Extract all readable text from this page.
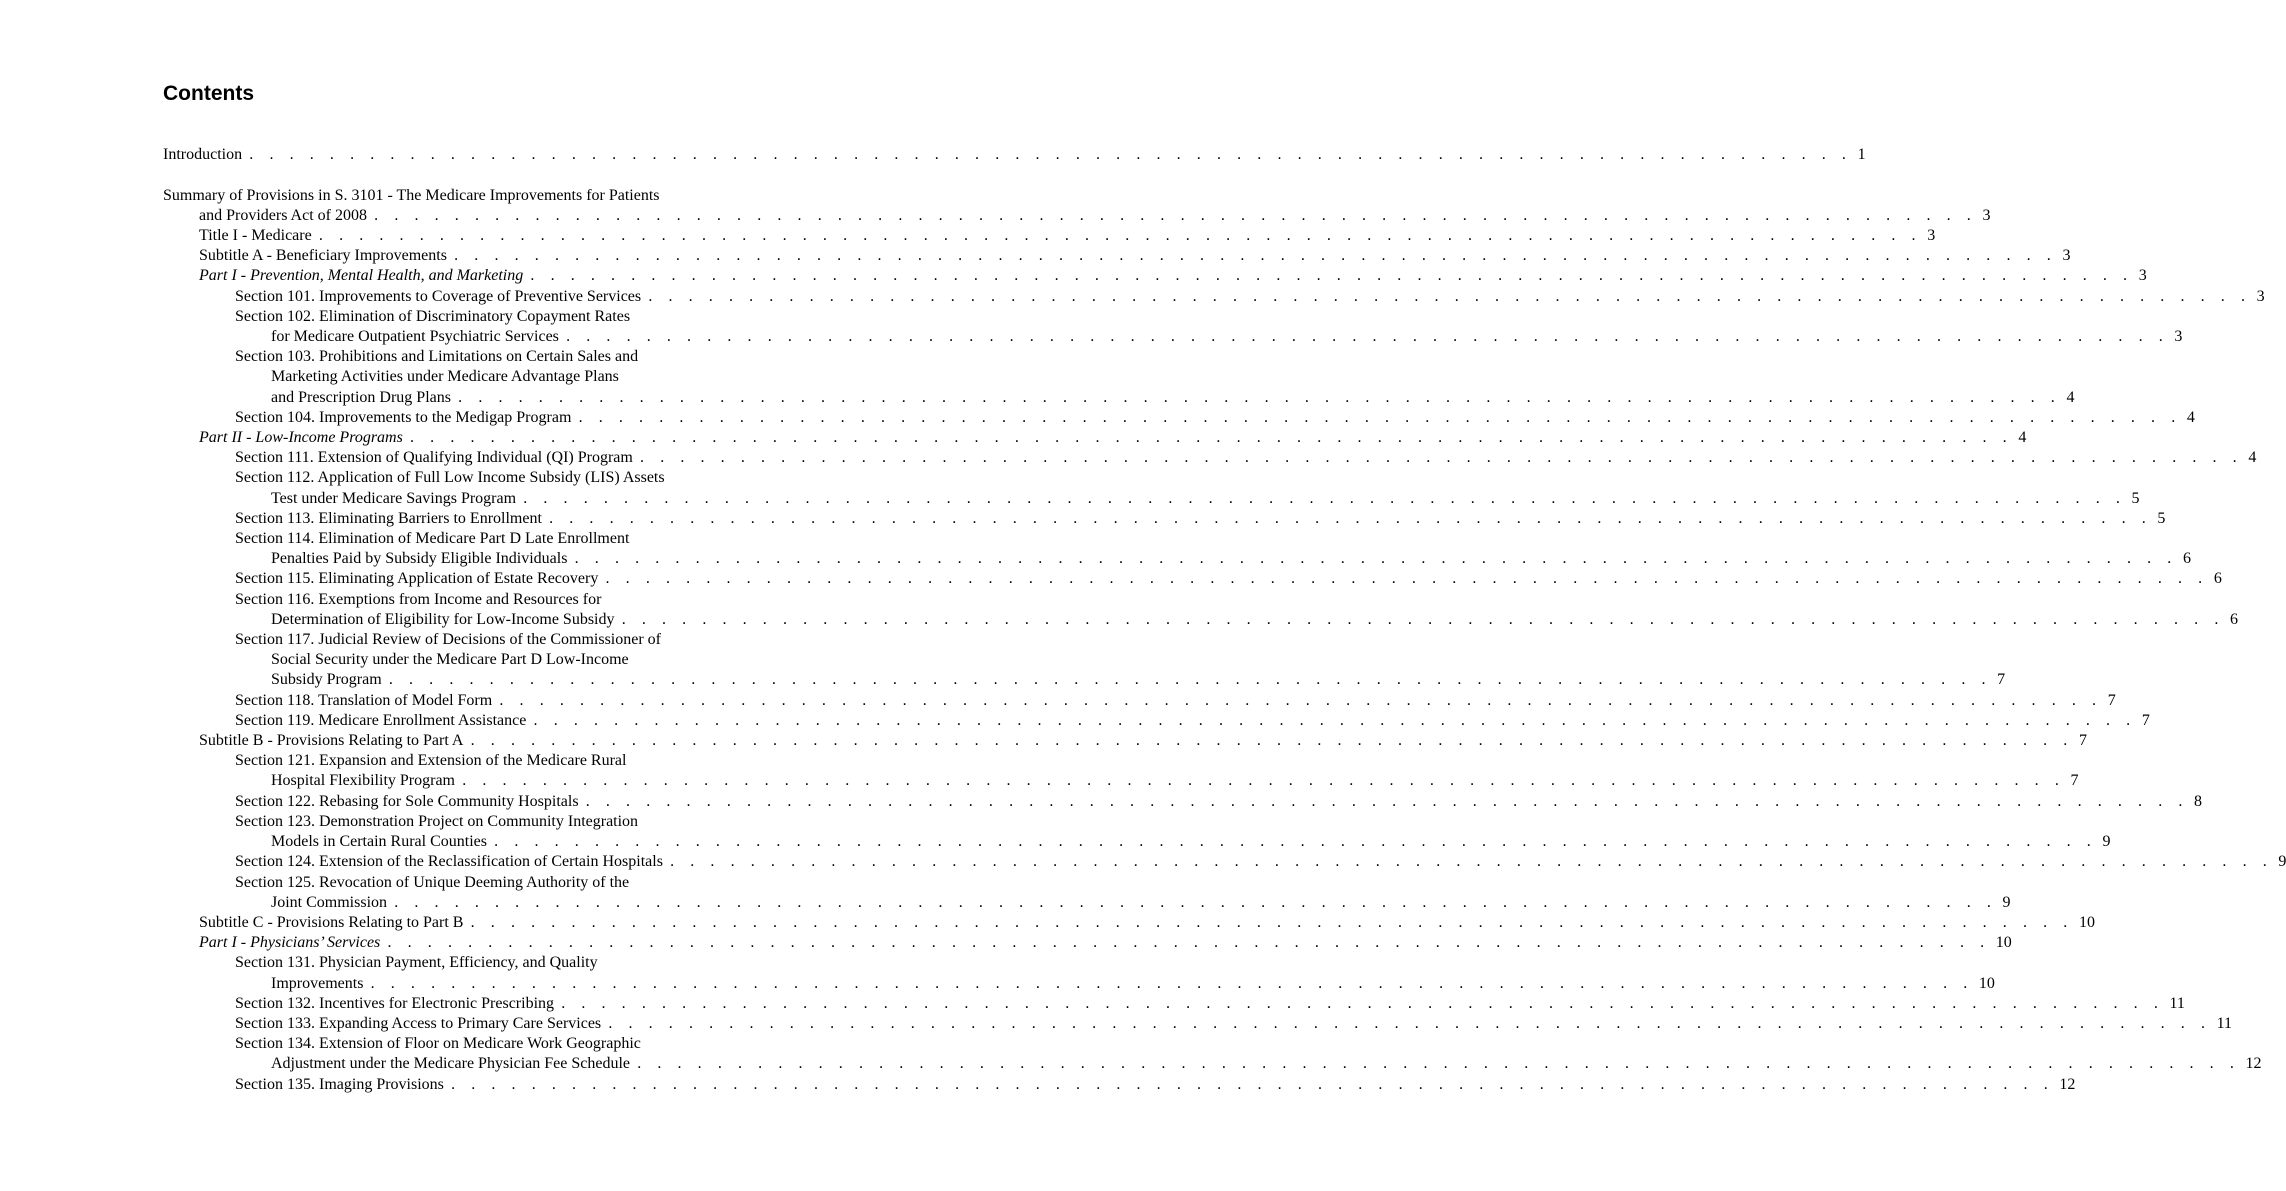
Contents
Introduction . . . . . . . . . . . . . . . . . . . . . . . . . . . . . . . . . . . . . . . . . . . . . . . . . . . . . . . . . . . . . . . . . . . . . . . . . . . . . . . . 1
Summary of Provisions in S. 3101 - The Medicare Improvements for Patients
and Providers Act of 2008 . . . . . . . . . . . . . . . . . . . . . . . . . . . . . . . . . . . . . . . . . . . . . . . . . . . . . . . . . . . . . . . . . . . . . . . . . . . . . . . . 3
Title I - Medicare . . . . . . . . . . . . . . . . . . . . . . . . . . . . . . . . . . . . . . . . . . . . . . . . . . . . . . . . . . . . . . . . . . . . . . . . . . . . . . . . 3
Subtitle A - Beneficiary Improvements . . . . . . . . . . . . . . . . . . . . . . . . . . . . . . . . . . . . . . . . . . . . . . . . . . . . . . . . . . . . . . . . . . . . . . . . . . . . . . . . 3
Part I - Prevention, Mental Health, and Marketing . . . . . . . . . . . . . . . . . . . . . . . . . . . . . . . . . . . . . . . . . . . . . . . . . . . . . . . . . . . . . . . . . . . . . . . . . . . . . . . . 3
Section 101. Improvements to Coverage of Preventive Services . . . . . . . . . . . . . . . . . . . . . . . . . . . . . . . . . . . . . . . . . . . . . . . . . . . . . . . . . . . . . . . . . . . . . . . . . . . . . . . . 3
Section 102. Elimination of Discriminatory Copayment Rates
for Medicare Outpatient Psychiatric Services . . . . . . . . . . . . . . . . . . . . . . . . . . . . . . . . . . . . . . . . . . . . . . . . . . . . . . . . . . . . . . . . . . . . . . . . . . . . . . . . 3
Section 103. Prohibitions and Limitations on Certain Sales and
Marketing Activities under Medicare Advantage Plans
and Prescription Drug Plans . . . . . . . . . . . . . . . . . . . . . . . . . . . . . . . . . . . . . . . . . . . . . . . . . . . . . . . . . . . . . . . . . . . . . . . . . . . . . . . . 4
Section 104. Improvements to the Medigap Program . . . . . . . . . . . . . . . . . . . . . . . . . . . . . . . . . . . . . . . . . . . . . . . . . . . . . . . . . . . . . . . . . . . . . . . . . . . . . . . . 4
Part II - Low-Income Programs . . . . . . . . . . . . . . . . . . . . . . . . . . . . . . . . . . . . . . . . . . . . . . . . . . . . . . . . . . . . . . . . . . . . . . . . . . . . . . . . 4
Section 111. Extension of Qualifying Individual (QI) Program . . . . . . . . . . . . . . . . . . . . . . . . . . . . . . . . . . . . . . . . . . . . . . . . . . . . . . . . . . . . . . . . . . . . . . . . . . . . . . . . 4
Section 112. Application of Full Low Income Subsidy (LIS) Assets
Test under Medicare Savings Program . . . . . . . . . . . . . . . . . . . . . . . . . . . . . . . . . . . . . . . . . . . . . . . . . . . . . . . . . . . . . . . . . . . . . . . . . . . . . . . . 5
Section 113. Eliminating Barriers to Enrollment . . . . . . . . . . . . . . . . . . . . . . . . . . . . . . . . . . . . . . . . . . . . . . . . . . . . . . . . . . . . . . . . . . . . . . . . . . . . . . . . 5
Section 114. Elimination of Medicare Part D Late Enrollment
Penalties Paid by Subsidy Eligible Individuals . . . . . . . . . . . . . . . . . . . . . . . . . . . . . . . . . . . . . . . . . . . . . . . . . . . . . . . . . . . . . . . . . . . . . . . . . . . . . . . . 6
Section 115. Eliminating Application of Estate Recovery . . . . . . . . . . . . . . . . . . . . . . . . . . . . . . . . . . . . . . . . . . . . . . . . . . . . . . . . . . . . . . . . . . . . . . . . . . . . . . . . 6
Section 116. Exemptions from Income and Resources for
Determination of Eligibility for Low-Income Subsidy . . . . . . . . . . . . . . . . . . . . . . . . . . . . . . . . . . . . . . . . . . . . . . . . . . . . . . . . . . . . . . . . . . . . . . . . . . . . . . . . 6
Section 117. Judicial Review of Decisions of the Commissioner of
Social Security under the Medicare Part D Low-Income
Subsidy Program . . . . . . . . . . . . . . . . . . . . . . . . . . . . . . . . . . . . . . . . . . . . . . . . . . . . . . . . . . . . . . . . . . . . . . . . . . . . . . . . 7
Section 118. Translation of Model Form . . . . . . . . . . . . . . . . . . . . . . . . . . . . . . . . . . . . . . . . . . . . . . . . . . . . . . . . . . . . . . . . . . . . . . . . . . . . . . . . 7
Section 119. Medicare Enrollment Assistance . . . . . . . . . . . . . . . . . . . . . . . . . . . . . . . . . . . . . . . . . . . . . . . . . . . . . . . . . . . . . . . . . . . . . . . . . . . . . . . . 7
Subtitle B - Provisions Relating to Part A . . . . . . . . . . . . . . . . . . . . . . . . . . . . . . . . . . . . . . . . . . . . . . . . . . . . . . . . . . . . . . . . . . . . . . . . . . . . . . . . 7
Section 121. Expansion and Extension of the Medicare Rural
Hospital Flexibility Program . . . . . . . . . . . . . . . . . . . . . . . . . . . . . . . . . . . . . . . . . . . . . . . . . . . . . . . . . . . . . . . . . . . . . . . . . . . . . . . . 7
Section 122. Rebasing for Sole Community Hospitals . . . . . . . . . . . . . . . . . . . . . . . . . . . . . . . . . . . . . . . . . . . . . . . . . . . . . . . . . . . . . . . . . . . . . . . . . . . . . . . . 8
Section 123. Demonstration Project on Community Integration
Models in Certain Rural Counties . . . . . . . . . . . . . . . . . . . . . . . . . . . . . . . . . . . . . . . . . . . . . . . . . . . . . . . . . . . . . . . . . . . . . . . . . . . . . . . . 9
Section 124. Extension of the Reclassification of Certain Hospitals . . . . . . . . . . . . . . . . . . . . . . . . . . . . . . . . . . . . . . . . . . . . . . . . . . . . . . . . . . . . . . . . . . . . . . . . . . . . . . . . 9
Section 125. Revocation of Unique Deeming Authority of the
Joint Commission . . . . . . . . . . . . . . . . . . . . . . . . . . . . . . . . . . . . . . . . . . . . . . . . . . . . . . . . . . . . . . . . . . . . . . . . . . . . . . . . 9
Subtitle C - Provisions Relating to Part B . . . . . . . . . . . . . . . . . . . . . . . . . . . . . . . . . . . . . . . . . . . . . . . . . . . . . . . . . . . . . . . . . . . . . . . . . . . . . . . . 10
Part I - Physicians’ Services . . . . . . . . . . . . . . . . . . . . . . . . . . . . . . . . . . . . . . . . . . . . . . . . . . . . . . . . . . . . . . . . . . . . . . . . . . . . . . . . 10
Section 131. Physician Payment, Efficiency, and Quality
Improvements . . . . . . . . . . . . . . . . . . . . . . . . . . . . . . . . . . . . . . . . . . . . . . . . . . . . . . . . . . . . . . . . . . . . . . . . . . . . . . . . 10
Section 132. Incentives for Electronic Prescribing . . . . . . . . . . . . . . . . . . . . . . . . . . . . . . . . . . . . . . . . . . . . . . . . . . . . . . . . . . . . . . . . . . . . . . . . . . . . . . . . 11
Section 133. Expanding Access to Primary Care Services . . . . . . . . . . . . . . . . . . . . . . . . . . . . . . . . . . . . . . . . . . . . . . . . . . . . . . . . . . . . . . . . . . . . . . . . . . . . . . . . 11
Section 134. Extension of Floor on Medicare Work Geographic
Adjustment under the Medicare Physician Fee Schedule . . . . . . . . . . . . . . . . . . . . . . . . . . . . . . . . . . . . . . . . . . . . . . . . . . . . . . . . . . . . . . . . . . . . . . . . . . . . . . . . 12
Section 135. Imaging Provisions . . . . . . . . . . . . . . . . . . . . . . . . . . . . . . . . . . . . . . . . . . . . . . . . . . . . . . . . . . . . . . . . . . . . . . . . . . . . . . . . 12
